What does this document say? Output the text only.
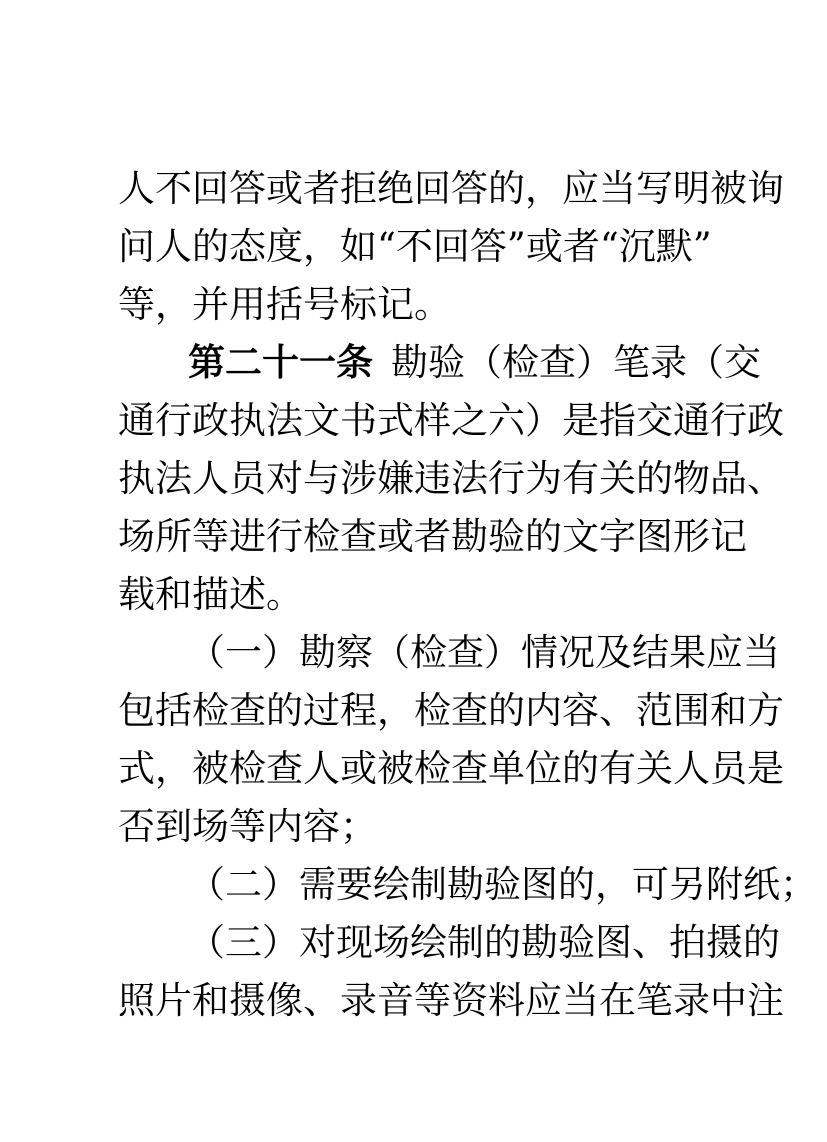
人不回答或者拒绝回答的，应当写明被询
问人的态度，如“不回答”或者“沉默”
等，并用括号标记。
第二十一条 勘验（检查）笔录（交
通行政执法文书式样之六）是指交通行政
执法人员对与涉嫌违法行为有关的物品、
场所等进行检查或者勘验的文字图形记
载和描述。
（一）勘察（检查）情况及结果应当
包括检查的过程，检查的内容、范围和方
式，被检查人或被检查单位的有关人员是
否到场等内容；
（二）需要绘制勘验图的，可另附纸；
（三）对现场绘制的勘验图、拍摄的
照片和摄像、录音等资料应当在笔录中注
